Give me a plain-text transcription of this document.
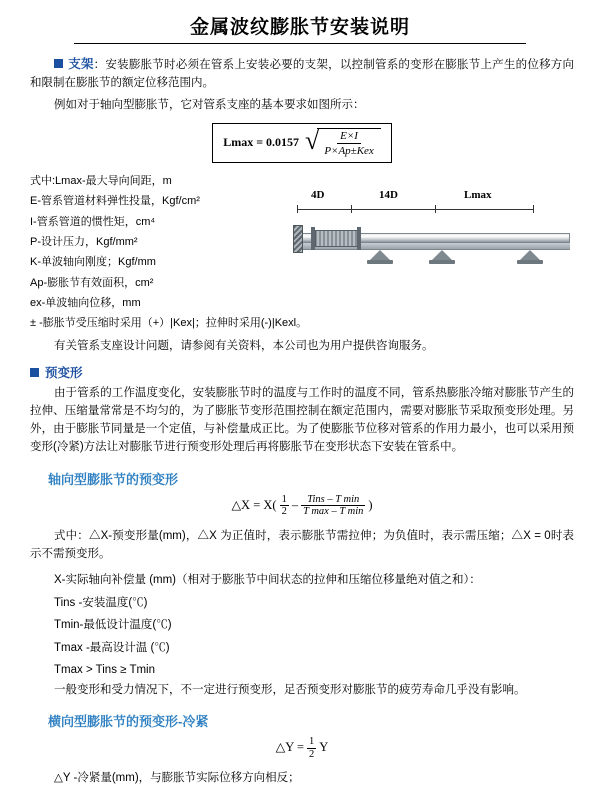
金属波纹膨胀节安装说明

支架：安装膨胀节时必须在管系上安装必要的支架，以控制管系的变形在膨胀节上产生的位移方向和限制在膨胀节的额定位移范围内。

例如对于轴向型膨胀节，它对管系支座的基本要求如图所示：

Lmax = 0.0157 √ $\frac{E\times I}{\text{P×Ap±Kex}}$
式中:Lmax-最大导向间距，m
E-管系管道材料弹性投量，Kgf/cm²
I-管系管道的惯性矩，cm⁴
P-设计压力，Kgf/mm²
K-单波轴向刚度；Kgf/mm
Ap-膨胀节有效面积，cm²
ex-单波轴向位移，mm
± -膨胀节受压缩时采用（+）|Kex|；拉伸时采用(-)|Kexl。
4D	14D	Lmax

有关管系支座设计问题，请参阅有关资料，本公司也为用户提供咨询服务。

预变形

由于管系的工作温度变化，安装膨胀节时的温度与工作时的温度不同，管系热膨胀冷缩对膨胀节产生的拉伸、压缩量常常是不均匀的，为了膨胀节变形范围控制在额定范围内，需要对膨胀节采取预变形处理。另外，由于膨胀节同量是一个定值，与补偿量成正比。为了使膨胀节位移对管系的作用力最小，也可以采用预变形(冷紧)方法让对膨胀节进行预变形处理后再将膨胀节在变形状态下安装在管系中。

轴向型膨胀节的预变形
△X = $X( \frac{1}{2} - \frac{\text{Tins – T min}}{\text{T max – T min}}$ )

式中：△X-预变形量(mm)，△X 为正值时，表示膨胀节需拉伸；为负值时，表示需压缩；△X = 0时表示不需预变形。

X-实际轴向补偿量 (mm)（相对于膨胀节中间状态的拉伸和压缩位移量绝对值之和）：
Tins -安装温度(℃)
Tmin-最低设计温度(℃)
Tmax -最高设计温 (℃)
Tmax > Tins ≥ Tmin

一般变形和受力情况下，不一定进行预变形，足否预变形对膨胀节的疲劳寿命几乎没有影响。

横向型膨胀节的预变形-冷紧
△Y = $\frac{1}{2}$ Y

△Y -冷紧量(mm)，与膨胀节实际位移方向相反；
